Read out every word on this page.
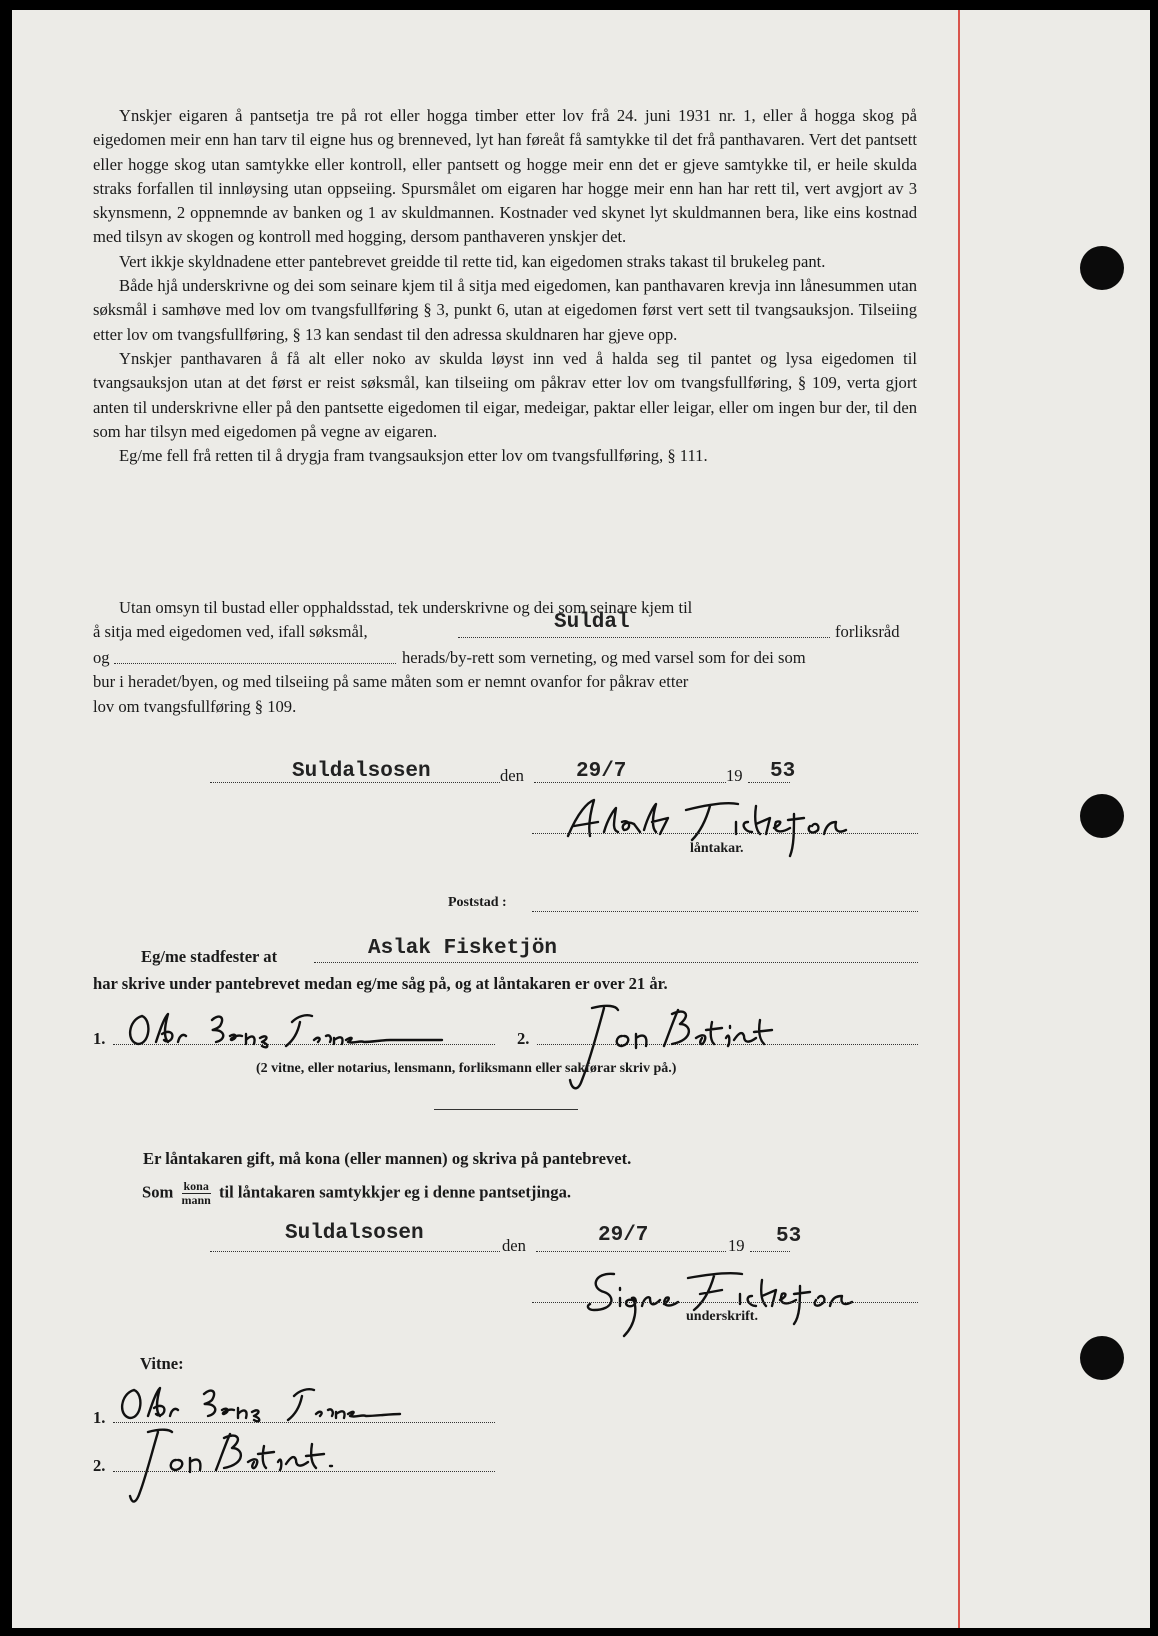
Ynskjer eigaren å pantsetja tre på rot eller hogga timber etter lov frå 24. juni 1931 nr. 1, eller å hogga skog på eigedomen meir enn han tarv til eigne hus og brenneved, lyt han føreåt få samtykke til det frå panthavaren. Vert det pantsett eller hogge skog utan samtykke eller kontroll, eller pantsett og hogge meir enn det er gjeve samtykke til, er heile skulda straks forfallen til innløysing utan oppseiing. Spursmålet om eigaren har hogge meir enn han har rett til, vert avgjort av 3 skynsmenn, 2 oppnemnde av banken og 1 av skuldmannen. Kostnader ved skynet lyt skuldmannen bera, like eins kostnad med tilsyn av skogen og kontroll med hogging, dersom panthaveren ynskjer det.

Vert ikkje skyldnadene etter pantebrevet greidde til rette tid, kan eigedomen straks takast til brukeleg pant.

Både hjå underskrivne og dei som seinare kjem til å sitja med eigedomen, kan panthavaren krevja inn lånesummen utan søksmål i samhøve med lov om tvangsfullføring § 3, punkt 6, utan at eigedomen først vert sett til tvangsauksjon. Tilseiing etter lov om tvangsfullføring, § 13 kan sendast til den adressa skuldnaren har gjeve opp.

Ynskjer panthavaren å få alt eller noko av skulda løyst inn ved å halda seg til pantet og lysa eigedomen til tvangsauksjon utan at det først er reist søksmål, kan tilseiing om påkrav etter lov om tvangsfullføring, § 109, verta gjort anten til underskrivne eller på den pantsette eigedomen til eigar, medeigar, paktar eller leigar, eller om ingen bur der, til den som har tilsyn med eigedomen på vegne av eigaren.

Eg/me fell frå retten til å drygja fram tvangsauksjon etter lov om tvangsfullføring, § 111.

Utan omsyn til bustad eller opphaldsstad, tek underskrivne og dei som seinare kjem til
å sitja med eigedomen ved, ifall søksmål,	Suldal	forliksråd
og	herads/by-rett som verneting, og med varsel som for dei som
bur i heradet/byen, og med tilseiing på same måten som er nemnt ovanfor for påkrav etter
lov om tvangsfullføring § 109.
Suldalsosen	den 29/7	19 53
låntakar.
Poststad :
Eg/me stadfester at	Aslak Fisketjön
har skrive under pantebrevet medan eg/me såg på, og at låntakaren er over 21 år.
1.	2.
(2 vitne, eller notarius, lensmann, forliksmann eller sakførar skriv på.)
Er låntakaren gift, må kona (eller mannen) og skriva på pantebrevet.
Som $\frac{\text{kona}}{\text{mann}}$ til låntakaren samtykkjer eg i denne pantsetjinga.
Suldalsosen
den	29/7	19 53
underskrift.
Vitne:
1.
2.
